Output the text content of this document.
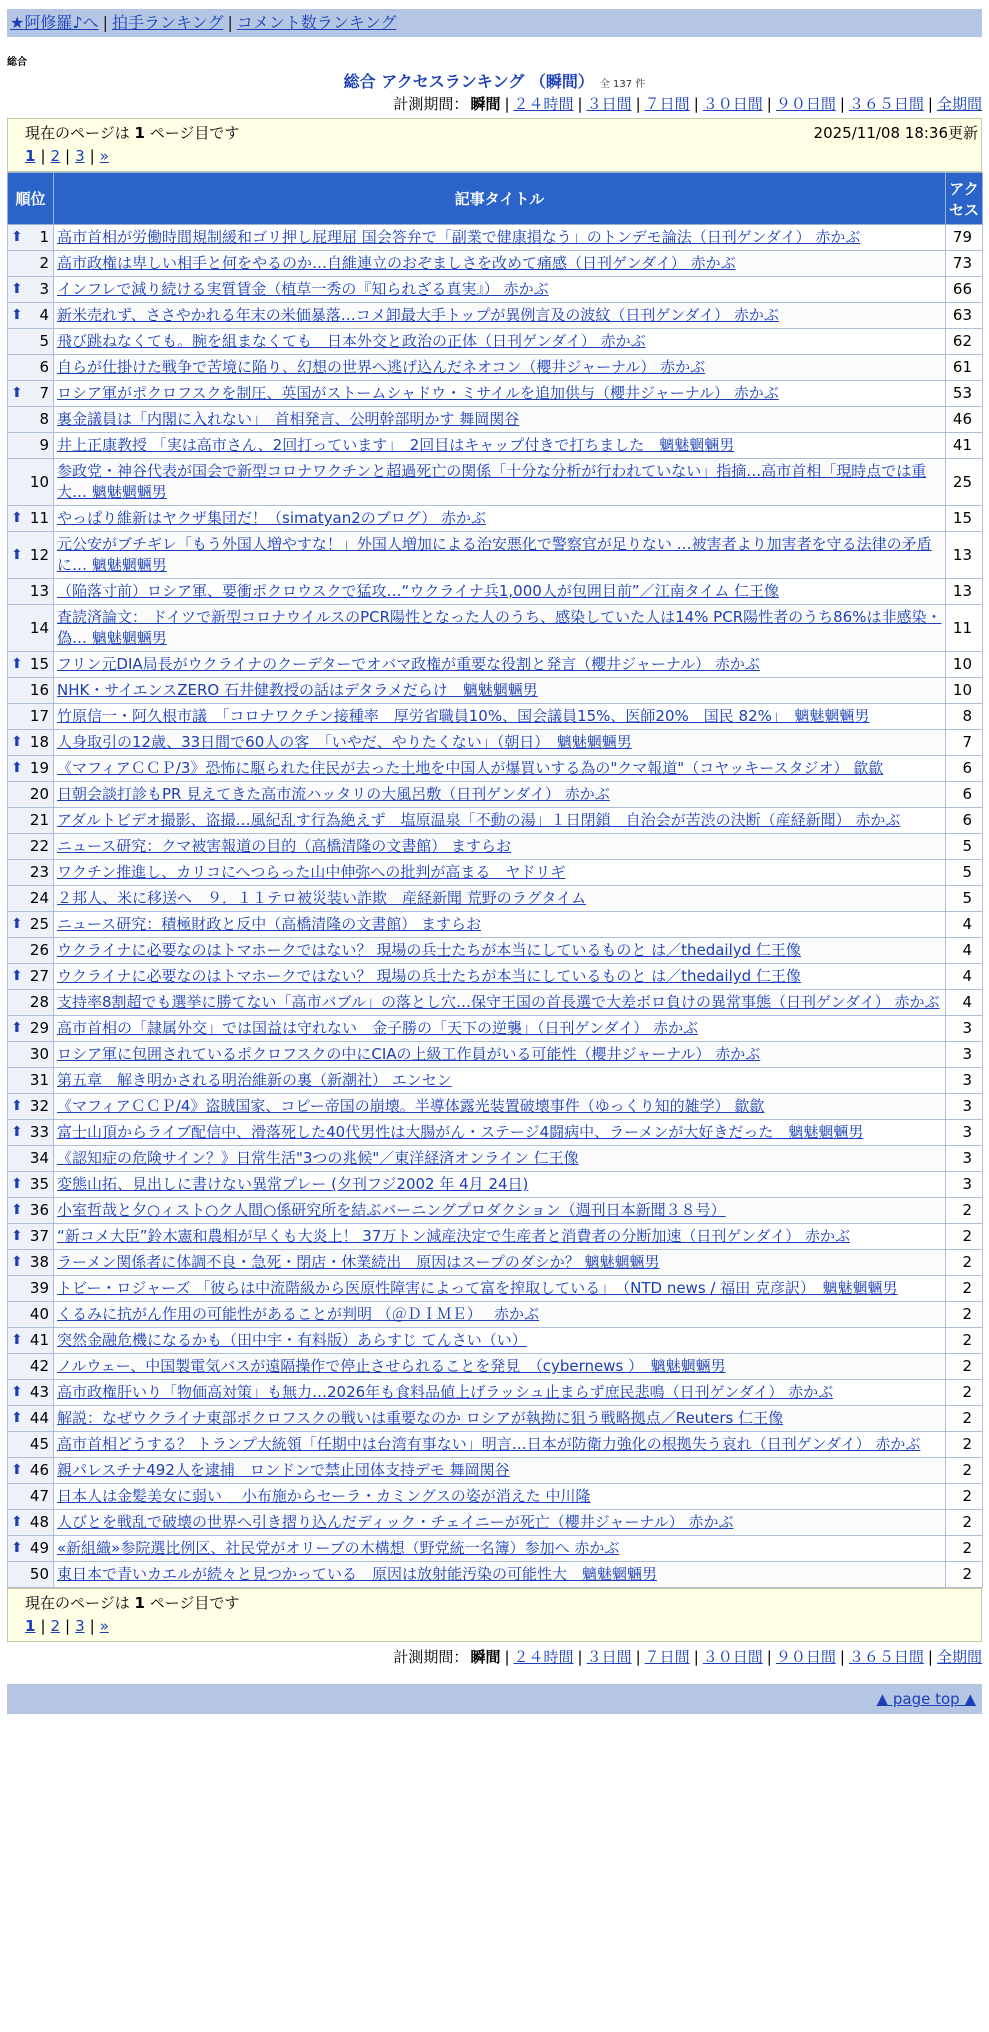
★阿修羅♪へ | 拍手ランキング | コメント数ランキング
総合
総合 アクセスランキング （瞬間） 全 137 件
計測期間： 瞬間 | ２４時間 | ３日間 | ７日間 | ３０日間 | ９０日間 | ３６５日間 | 全期間
現在のページは 1 ページ目です	2025/11/08 18:36更新
1 | 2 | 3 | »
順位	記事タイトル	アクセス

⬆ 1	高市首相が労働時間規制緩和ゴリ押し屁理屈 国会答弁で「副業で健康損なう」のトンデモ論法（日刊ゲンダイ） 赤かぶ	79
2	高市政権は卑しい相手と何をやるのか…自維連立のおぞましさを改めて痛感（日刊ゲンダイ） 赤かぶ	73

⬆ 3	インフレで減り続ける実質賃金（植草一秀の『知られざる真実』） 赤かぶ	66

⬆ 4	新米売れず、ささやかれる年末の米価暴落…コメ卸最大手トップが異例言及の波紋（日刊ゲンダイ） 赤かぶ	63
5	飛び跳ねなくても。腕を組まなくても　日本外交と政治の正体（日刊ゲンダイ） 赤かぶ	62
6	自らが仕掛けた戦争で苦境に陥り、幻想の世界へ逃げ込んだネオコン（櫻井ジャーナル） 赤かぶ	61

⬆ 7	ロシア軍がポクロフスクを制圧、英国がストームシャドウ・ミサイルを追加供与（櫻井ジャーナル） 赤かぶ	53
8	裏金議員は「内閣に入れない」　首相発言、公明幹部明かす 舞岡関谷	46
9	井上正康教授 「実は高市さん、2回打っています」　2回目はキャップ付きで打ちました　魑魅魍魎男	41
10	参政党・神谷代表が国会で新型コロナワクチンと超過死亡の関係「十分な分析が行われていない」指摘…高市首相「現時点では重大… 魑魅魍魎男	25

⬆ 11	やっぱり維新はヤクザ集団だ！（simatyan2のブログ） 赤かぶ	15

⬆ 12	元公安がブチギレ「もう外国人増やすな！」外国人増加による治安悪化で警察官が足りない …被害者より加害者を守る法律の矛盾に… 魑魅魍魎男	13
13	（陥落寸前）ロシア軍、要衝ポクロウスクで猛攻…“ウクライナ兵1,000人が包囲目前”／江南タイム 仁王像	13
14	査読済論文： ドイツで新型コロナウイルスのPCR陽性となった人のうち、感染していた人は14% PCR陽性者のうち86%は非感染・偽… 魑魅魍魎男	11

⬆ 15	フリン元DIA局長がウクライナのクーデターでオバマ政権が重要な役割と発言（櫻井ジャーナル） 赤かぶ	10
16	NHK・サイエンスZERO 石井健教授の話はデタラメだらけ　魑魅魍魎男	10
17	竹原信一・阿久根市議　「コロナワクチン接種率　厚労省職員10%、国会議員15%、医師20%　国民 82%」　魑魅魍魎男	8

⬆ 18	人身取引の12歳、33日間で60人の客　「いやだ、やりたくない」（朝日）　魑魅魍魎男	7

⬆ 19	《マフィアＣＣＰ/3》恐怖に駆られた住民が去った土地を中国人が爆買いする為の"クマ報道"（コヤッキースタジオ） 歙歙	6
20	日朝会談打診もPR 見えてきた高市流ハッタリの大風呂敷（日刊ゲンダイ） 赤かぶ	6
21	アダルトビデオ撮影、盗撮…風紀乱す行為絶えず　塩原温泉「不動の湯」１日閉鎖　自治会が苦渋の決断（産経新聞） 赤かぶ	6
22	ニュース研究：クマ被害報道の目的（高橋清隆の文書館） ますらお	5
23	ワクチン推進し、カリコにへつらった山中伸弥への批判が高まる　ヤドリギ	5
24	２邦人、米に移送へ　９．１１テロ被災装い詐欺　産経新聞 荒野のラグタイム	5

⬆ 25	ニュース研究：積極財政と反中（高橋清隆の文書館） ますらお	4
26	ウクライナに必要なのはトマホークではない？ 現場の兵士たちが本当にしているものと は／thedailyd 仁王像	4

⬆ 27	ウクライナに必要なのはトマホークではない？ 現場の兵士たちが本当にしているものと は／thedailyd 仁王像	4
28	支持率8割超でも選挙に勝てない「高市バブル」の落とし穴…保守王国の首長選で大差ボロ負けの異常事態（日刊ゲンダイ） 赤かぶ	4

⬆ 29	高市首相の「隷属外交」では国益は守れない　金子勝の「天下の逆襲」（日刊ゲンダイ） 赤かぶ	3
30	ロシア軍に包囲されているポクロフスクの中にCIAの上級工作員がいる可能性（櫻井ジャーナル） 赤かぶ	3
31	第五章　解き明かされる明治維新の裏（新潮社） エンセン	3

⬆ 32	《マフィアＣＣＰ/4》盗賊国家、コピー帝国の崩壊。半導体露光装置破壊事件（ゆっくり知的雑学） 歙歙	3

⬆ 33	富士山頂からライブ配信中、滑落死した40代男性は大腸がん・ステージ4闘病中、ラーメンが大好きだった　魑魅魍魎男	3
34	《認知症の危険サイン？》日常生活"3つの兆候"／東洋経済オンライン 仁王像	3

⬆ 35	変態山拓、見出しに書けない異常プレー (夕刊フジ2002 年 4月 24日)	3

⬆ 36	小室哲哉と夕○ィスト○ク人間○係研究所を結ぶバーニングプロダクション（週刊日本新聞３８号）	2

⬆ 37	“新コメ大臣”鈴木憲和農相が早くも大炎上！ 37万トン減産決定で生産者と消費者の分断加速（日刊ゲンダイ） 赤かぶ	2

⬆ 38	ラーメン関係者に体調不良・急死・閉店・休業続出　原因はスープのダシか？ 魑魅魍魎男	2
39	トビー・ロジャーズ 「彼らは中流階級から医原性障害によって富を搾取している」　（NTD news / 福田 克彦訳）　魑魅魍魎男	2
40	くるみに抗がん作用の可能性があることが判明 （＠ＤＩＭＥ）　 赤かぶ	2

⬆ 41	突然金融危機になるかも（田中宇・有料版）あらすじ てんさい（い）	2
42	ノルウェー、中国製電気バスが遠隔操作で停止させられることを発見　（cybernews ）　魑魅魍魎男	2

⬆ 43	高市政権肝いり「物価高対策」も無力…2026年も食料品値上げラッシュ止まらず庶民悲鳴（日刊ゲンダイ） 赤かぶ	2

⬆ 44	解説：なぜウクライナ東部ポクロフスクの戦いは重要なのか ロシアが執拗に狙う戦略拠点／Reuters 仁王像	2
45	高市首相どうする？ トランプ大統領「任期中は台湾有事ない」明言…日本が防衛力強化の根拠失う哀れ（日刊ゲンダイ） 赤かぶ	2

⬆ 46	親パレスチナ492人を逮捕　ロンドンで禁止団体支持デモ 舞岡関谷	2
47	日本人は金髪美女に弱い ＿小布施からセーラ・カミングスの姿が消えた 中川隆	2

⬆ 48	人びとを戦乱で破壊の世界へ引き摺り込んだディック・チェイニーが死亡（櫻井ジャーナル） 赤かぶ	2

⬆ 49	«新組織»参院選比例区、社民党がオリーブの木構想（野党統一名簿）参加へ 赤かぶ	2
50	東日本で青いカエルが続々と見つかっている　原因は放射能汚染の可能性大　魑魅魍魎男	2
現在のページは 1 ページ目です
1 | 2 | 3 | »
計測期間： 瞬間 | ２４時間 | ３日間 | ７日間 | ３０日間 | ９０日間 | ３６５日間 | 全期間
▲ page top ▲
